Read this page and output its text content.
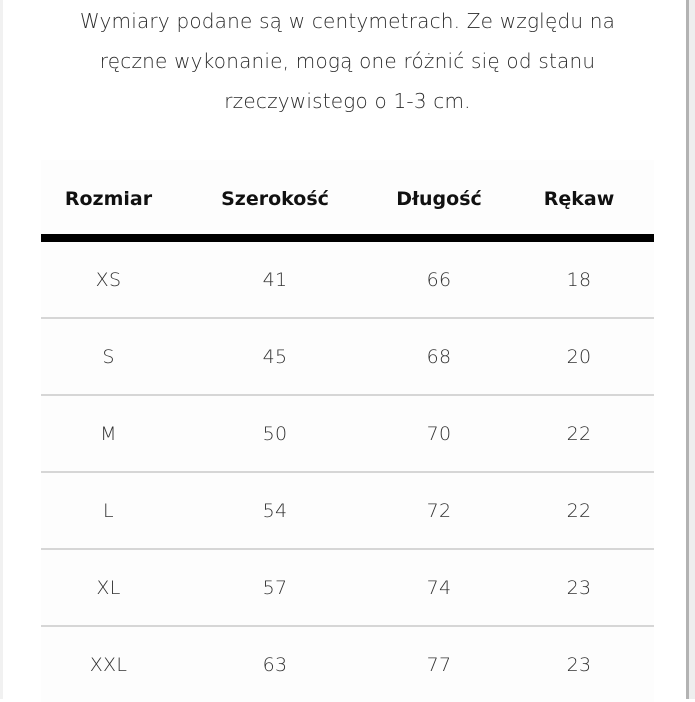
Wymiary podane są w centymetrach. Ze względu na
ręczne wykonanie, mogą one różnić się od stanu
rzeczywistego o 1-3 cm.
Rozmiar	Szerokość	Długość	Rękaw
XS	41	66	18
S	45	68	20
M	50	70	22
L	54	72	22
XL	57	74	23
XXL	63	77	23
